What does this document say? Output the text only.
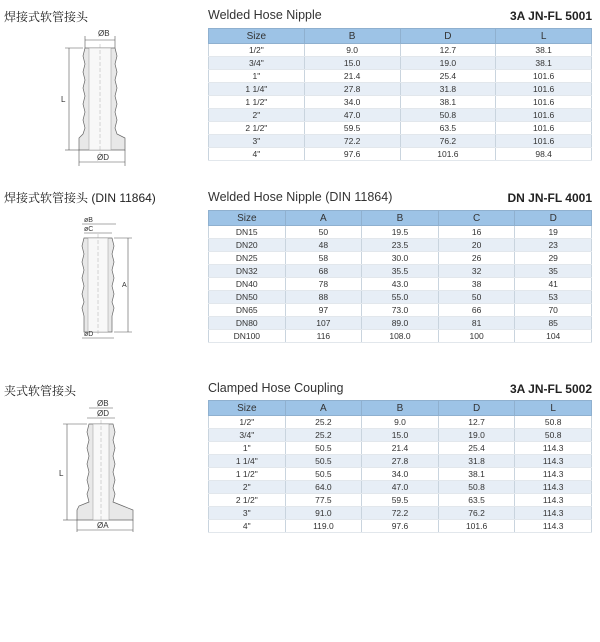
焊接式软管接头	Welded Hose Nipple	3A JN-FL 5001
ØB
L
ØD
Size	B	D	L
1/2"	9.0	12.7	38.1
3/4"	15.0	19.0	38.1
1"	21.4	25.4	101.6
1 1/4"	27.8	31.8	101.6
1 1/2"	34.0	38.1	101.6
2"	47.0	50.8	101.6
2 1/2"	59.5	63.5	101.6
3"	72.2	76.2	101.6
4"	97.6	101.6	98.4
焊接式软管接头 (DIN 11864)	Welded Hose Nipple (DIN 11864)	DN JN-FL 4001
øB
øC
A
øD
Size	A	B	C	D
DN15	50	19.5	16	19
DN20	48	23.5	20	23
DN25	58	30.0	26	29
DN32	68	35.5	32	35
DN40	78	43.0	38	41
DN50	88	55.0	50	53
DN65	97	73.0	66	70
DN80	107	89.0	81	85
DN100	116	108.0	100	104
夹式软管接头	Clamped Hose Coupling	3A JN-FL 5002
ØB
ØD
L
ØA
Size	A	B	D	L
1/2"	25.2	9.0	12.7	50.8
3/4"	25.2	15.0	19.0	50.8
1"	50.5	21.4	25.4	114.3
1 1/4"	50.5	27.8	31.8	114.3
1 1/2"	50.5	34.0	38.1	114.3
2"	64.0	47.0	50.8	114.3
2 1/2"	77.5	59.5	63.5	114.3
3"	91.0	72.2	76.2	114.3
4"	119.0	97.6	101.6	114.3
